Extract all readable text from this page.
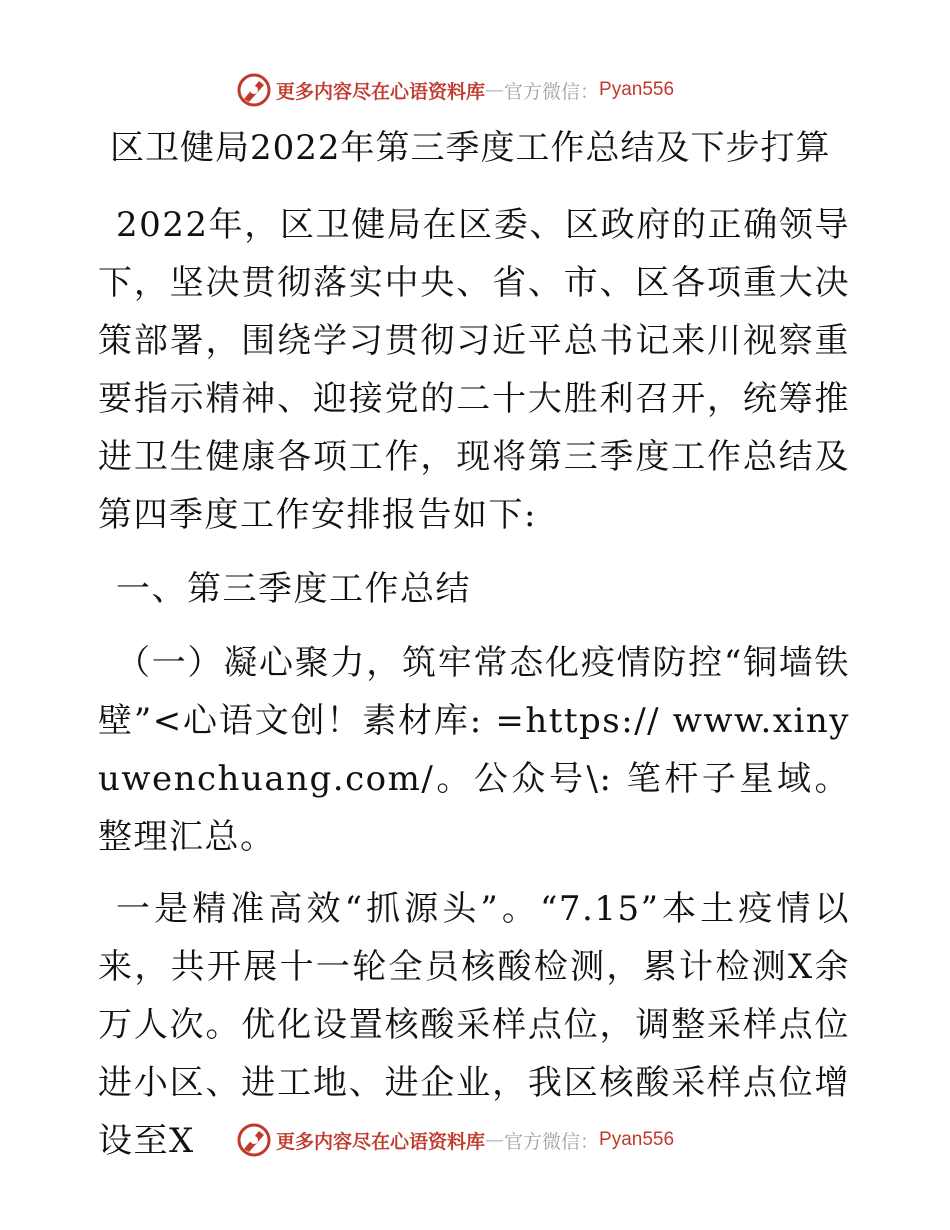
更多内容尽在心语资料库 — 官方微信： Pyan556
区卫健局2022年第三季度工作总结及下步打算

2022年，区卫健局在区委、区政府的正确领导下，坚决贯彻落实中央、省、市、区各项重大决策部署，围绕学习贯彻习近平总书记来川视察重要指示精神、迎接党的二十大胜利召开，统筹推进卫生健康各项工作，现将第三季度工作总结及第四季度工作安排报告如下:

一、第三季度工作总结

（一）凝心聚力，筑牢常态化疫情防控“铜墙铁壁”<心语文创！素材库: =https:// www.xinyuwenchuang.com/。公众号\: 笔杆子星域。整理汇总。

一是精准高效“抓源头”。“7.15”本土疫情以来，共开展十一轮全员核酸检测，累计检测X余万人次。优化设置核酸采样点位，调整采样点位进小区、进工地、进企业，我区核酸采样点位增设至X	更多内容尽在心语资料库 — 官方微信： Pyan556
